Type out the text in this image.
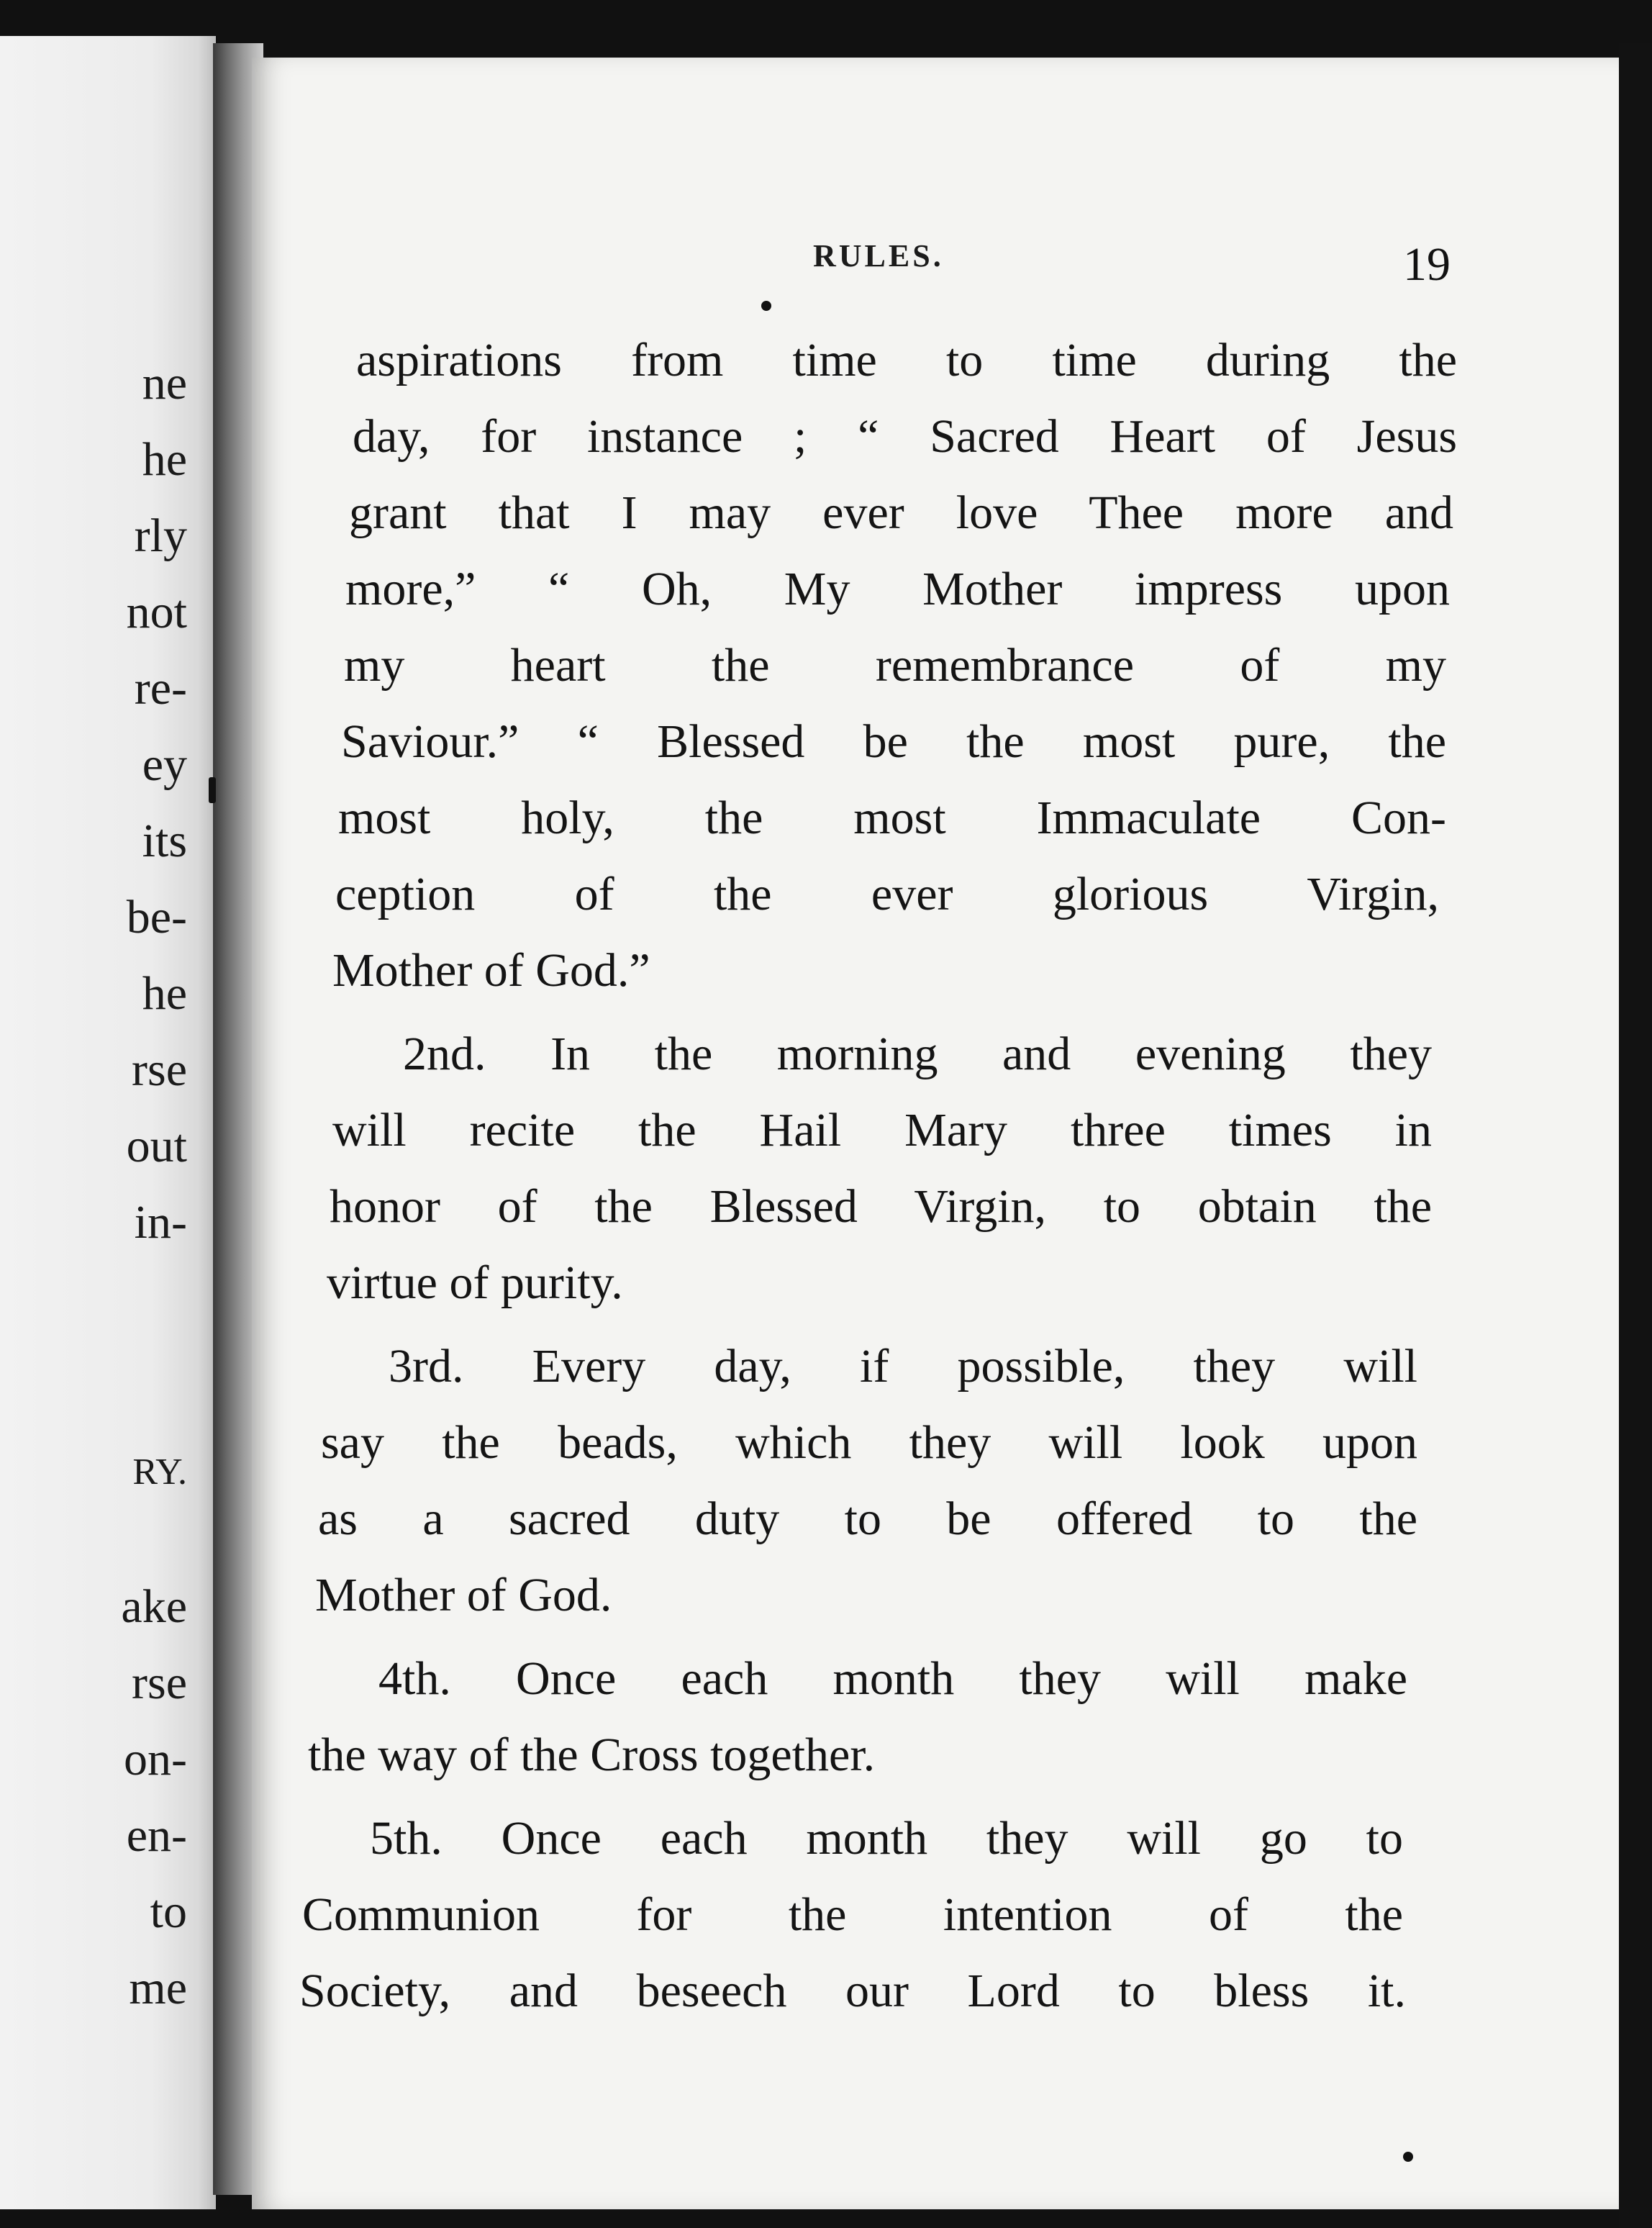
ne
he
rly
not
re-
ey
its
be-
he
rse
out
in-
RY.
ake
rse
on-
en-
to
me
RULES.	19
aspirations from time to time during the
day, for instance ; “ Sacred Heart of Jesus
grant that I may ever love Thee more and
more,” “ Oh, My Mother impress upon
my heart the remembrance of my
Saviour.” “ Blessed be the most pure, the
most holy, the most Immaculate Con-
ception of the ever glorious Virgin,
Mother of God.”
2nd. In the morning and evening they
will recite the Hail Mary three times in
honor of the Blessed Virgin, to obtain the
virtue of purity.
3rd. Every day, if possible, they will
say the beads, which they will look upon
as a sacred duty to be offered to the
Mother of God.
4th. Once each month they will make
the way of the Cross together.
5th. Once each month they will go to
Communion for the intention of the
Society, and beseech our Lord to bless it.
